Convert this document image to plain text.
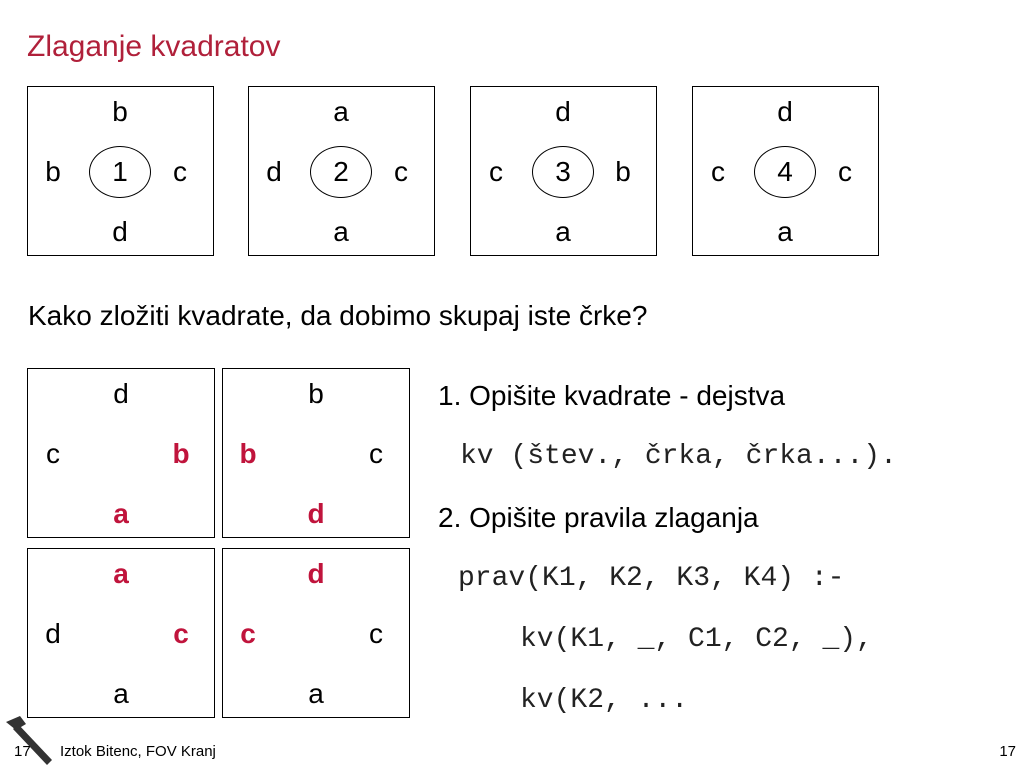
Zlaganje kvadratov
b
b 1 c
d
a
d 2 c
a
d
c 3 b
a
d
c 4 c
a
Kako zložiti kvadrate, da dobimo skupaj iste črke?
d
c	b
a
b
b	c
d
a
d	c
a
d
c	c
a
1. Opišite kvadrate - dejstva
kv (štev., črka, črka...).
2. Opišite pravila zlaganja
prav(K1, K2, K3, K4) :-
kv(K1, _, C1, C2, _),
kv(K2, ...
17 Iztok Bitenc, FOV Kranj	17
